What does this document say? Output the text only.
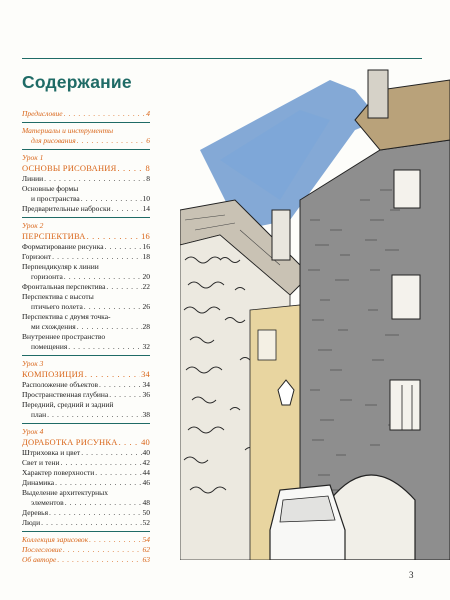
Содержание
Предисловие . . .	4
Материалы и инструменты
для рисования . . .	6
Урок 1
ОСНОВЫ РИСОВАНИЯ . . .	8
Линии . . .	8
Основные формы
и пространства . . .	10
Предварительные наброски . . .	14
Урок 2
ПЕРСПЕКТИВА . . .	16
Форматирование рисунка . . .	16
Горизонт . . .	18
Перпендикуляр к линии
горизонта . . .	20
Фронтальная перспектива . . .	22
Перспектива с высоты
птичьего полета . . .	26
Перспектива с двумя точка-
ми схождения . . .	28
Внутреннее пространство
помещения . . .	32
Урок 3
КОМПОЗИЦИЯ . . .	34
Расположение объектов . . .	34
Пространственная глубина . . .	36
Передний, средний и задний
план . . .	38
Урок 4
ДОРАБОТКА РИСУНКА . . .	40
Штриховка и цвет . . .	40
Свет и тени . . .	42
Характер поверхности . . .	44
Динамика . . .	46
Выделение архитектурных
элементов . . .	48
Деревья . . .	50
Люди . . .	52
Коллекция зарисовок . . .	54
Послесловие . . .	62
Об авторе . . .	63
3
